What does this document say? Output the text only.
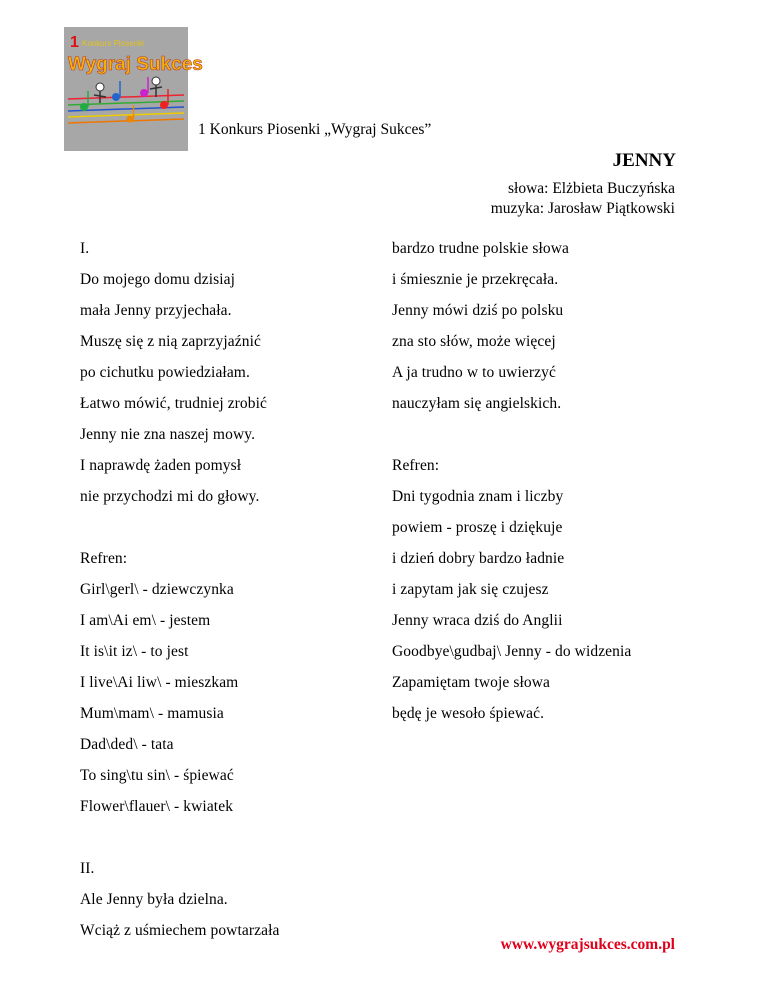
1 Konkurs Piosenki
Wygraj Sukces
1 Konkurs Piosenki „Wygraj Sukces”
JENNY
słowa: Elżbieta Buczyńska
muzyka: Jarosław Piątkowski
I.
Do mojego domu dzisiaj
mała Jenny przyjechała.
Muszę się z nią zaprzyjaźnić
po cichutku powiedziałam.
Łatwo mówić, trudniej zrobić
Jenny nie zna naszej mowy.
I naprawdę żaden pomysł
nie przychodzi mi do głowy.
Refren:
Girl\gerl\ - dziewczynka
I am\Ai em\ - jestem
It is\it iz\ - to jest
I live\Ai liw\ - mieszkam
Mum\mam\ - mamusia
Dad\ded\ - tata
To sing\tu sin\ - śpiewać
Flower\flauer\ - kwiatek
II.
Ale Jenny była dzielna.
Wciąż z uśmiechem powtarzała
bardzo trudne polskie słowa
i śmiesznie je przekręcała.
Jenny mówi dziś po polsku
zna sto słów, może więcej
A ja trudno w to uwierzyć
nauczyłam się angielskich.
Refren:
Dni tygodnia znam i liczby
powiem - proszę i dziękuje
i dzień dobry bardzo ładnie
i zapytam jak się czujesz
Jenny wraca dziś do Anglii
Goodbye\gudbaj\ Jenny - do widzenia
Zapamiętam twoje słowa
będę je wesoło śpiewać.
www.wygrajsukces.com.pl
